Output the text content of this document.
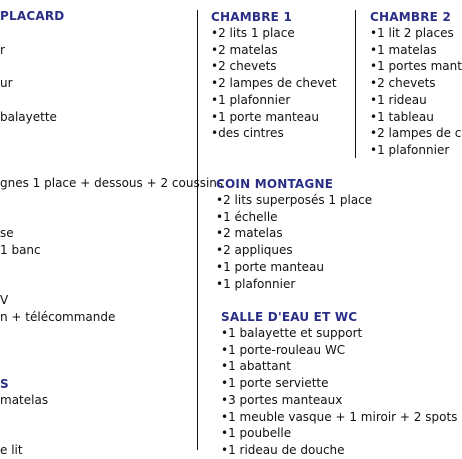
PLACARD
r

ur

balayette
gnes 1 place + dessous + 2 coussins

se
1 banc

V
n + télécommande
S
matelas

e lit
CHAMBRE 1
•2 lits 1 place
•2 matelas
•2 chevets
•2 lampes de chevet
•1 plafonnier
•1 porte manteau
•des cintres
CHAMBRE 2
•1 lit 2 places
•1 matelas
•1 portes mant
•2 chevets
•1 rideau
•1 tableau
•2 lampes de c
•1 plafonnier
COIN MONTAGNE
•2 lits superposés 1 place
•1 échelle
•2 matelas
•2 appliques
•1 porte manteau
•1 plafonnier
SALLE D'EAU ET WC
•1 balayette et support
•1 porte-rouleau WC
•1 abattant
•1 porte serviette
•3 portes manteaux
•1 meuble vasque + 1 miroir + 2 spots
•1 poubelle
•1 rideau de douche
